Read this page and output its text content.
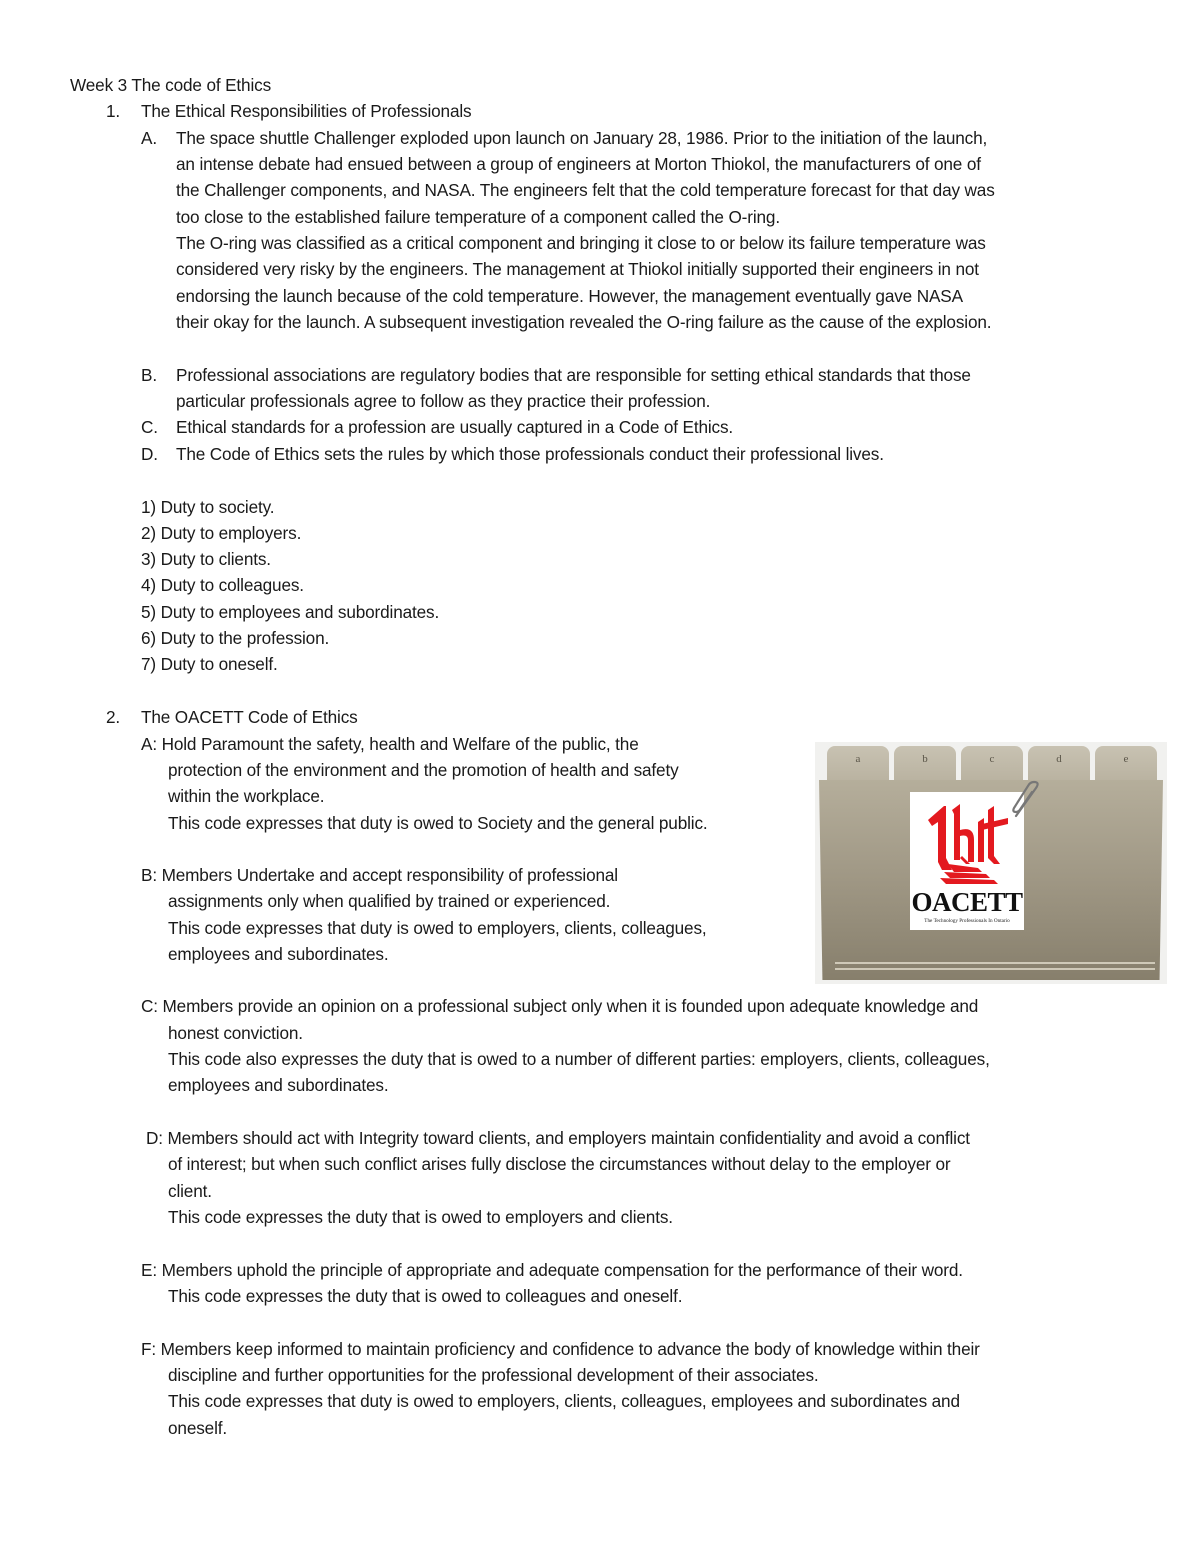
Week 3 The code of Ethics
1. The Ethical Responsibilities of Professionals
A. The space shuttle Challenger exploded upon launch on January 28, 1986. Prior to the initiation of the launch,
an intense debate had ensued between a group of engineers at Morton Thiokol, the manufacturers of one of
the Challenger components, and NASA. The engineers felt that the cold temperature forecast for that day was
too close to the established failure temperature of a component called the O-ring.
The O-ring was classified as a critical component and bringing it close to or below its failure temperature was
considered very risky by the engineers. The management at Thiokol initially supported their engineers in not
endorsing the launch because of the cold temperature. However, the management eventually gave NASA
their okay for the launch. A subsequent investigation revealed the O-ring failure as the cause of the explosion.
B. Professional associations are regulatory bodies that are responsible for setting ethical standards that those
particular professionals agree to follow as they practice their profession.
C. Ethical standards for a profession are usually captured in a Code of Ethics.
D. The Code of Ethics sets the rules by which those professionals conduct their professional lives.
1) Duty to society.
2) Duty to employers.
3) Duty to clients.
4) Duty to colleagues.
5) Duty to employees and subordinates.
6) Duty to the profession.
7) Duty to oneself.
2. The OACETT Code of Ethics
A: Hold Paramount the safety, health and Welfare of the public, the
protection of the environment and the promotion of health and safety
within the workplace.
This code expresses that duty is owed to Society and the general public.
B: Members Undertake and accept responsibility of professional
assignments only when qualified by trained or experienced.
This code expresses that duty is owed to employers, clients, colleagues,
employees and subordinates.
C: Members provide an opinion on a professional subject only when it is founded upon adequate knowledge and
honest conviction.
This code also expresses the duty that is owed to a number of different parties: employers, clients, colleagues,
employees and subordinates.
D: Members should act with Integrity toward clients, and employers maintain confidentiality and avoid a conflict
of interest; but when such conflict arises fully disclose the circumstances without delay to the employer or
client.
This code expresses the duty that is owed to employers and clients.
E: Members uphold the principle of appropriate and adequate compensation for the performance of their word.
This code expresses the duty that is owed to colleagues and oneself.
F: Members keep informed to maintain proficiency and confidence to advance the body of knowledge within their
discipline and further opportunities for the professional development of their associates.
This code expresses that duty is owed to employers, clients, colleagues, employees and subordinates and
oneself.
a	b	c	d	e
OACETT
The Technology Professionals In Ontario
